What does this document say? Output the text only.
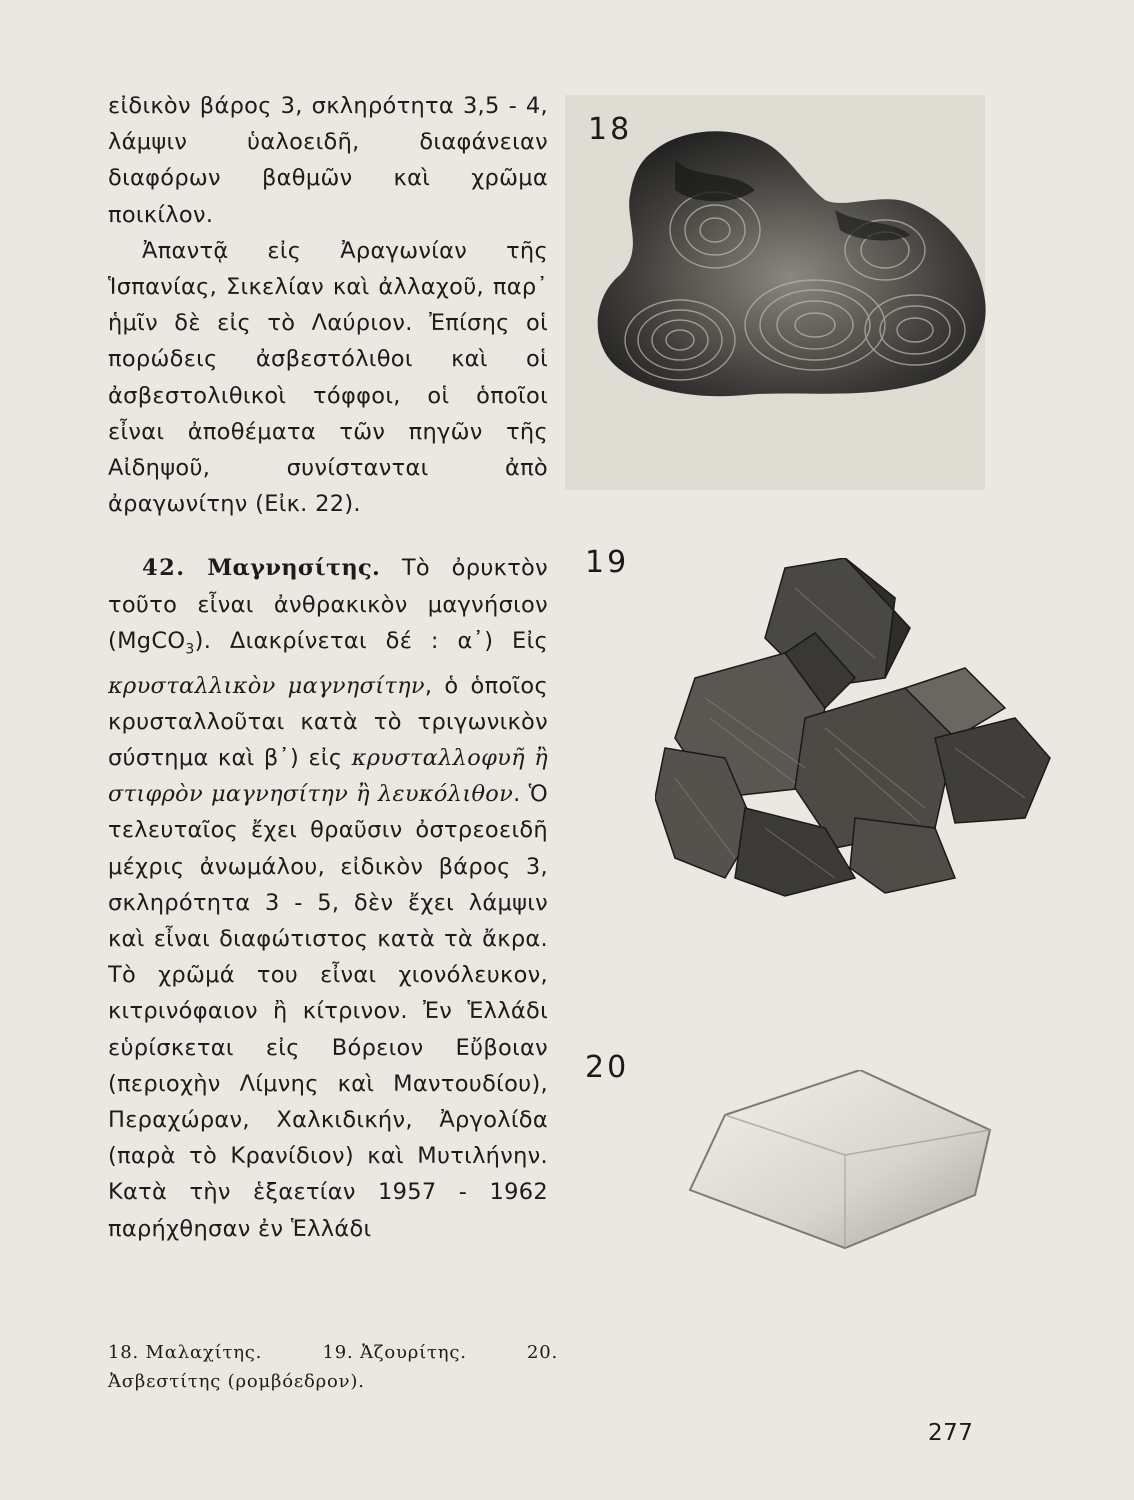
εἰδικὸν βάρος 3, σκληρότητα 3,5 - 4, λάμψιν ὑαλοειδῆ, διαφάνειαν διαφόρων βαθμῶν καὶ χρῶμα ποικίλον.

Ἀπαντᾷ εἰς Ἀραγωνίαν τῆς Ἱσπανίας, Σικελίαν καὶ ἀλλαχοῦ, παρ᾽ ἡμῖν δὲ εἰς τὸ Λαύριον. Ἐπίσης οἱ πορώδεις ἀσβεστόλιθοι καὶ οἱ ἀσβεστολιθικοὶ τόφφοι, οἱ ὁποῖοι εἶναι ἀποθέματα τῶν πηγῶν τῆς Αἰδηψοῦ, συνίστανται ἀπὸ ἀραγωνίτην (Εἰκ. 22).

42. Μαγνησίτης. Τὸ ὀρυκτὸν τοῦτο εἶναι ἀνθρακικὸν μαγνήσιον (MgCO$_3$). Διακρίνεται δέ : α᾽) Εἰς κρυσταλλικὸν μαγνησίτην, ὁ ὁποῖος κρυσταλλοῦται κατὰ τὸ τριγωνικὸν σύστημα καὶ β᾽) εἰς κρυσταλλοφυῆ ἢ στιφρὸν μαγνησίτην ἢ λευκόλιθον. Ὁ τελευταῖος ἔχει θραῦσιν ὀστρεοειδῆ μέχρις ἀνωμάλου, εἰδικὸν βάρος 3, σκληρότητα 3 - 5, δὲν ἔχει λάμψιν καὶ εἶναι διαφώτιστος κατὰ τὰ ἄκρα. Τὸ χρῶμά του εἶναι χιονόλευκον, κιτρινόφαιον ἢ κίτρινον. Ἐν Ἑλλάδι εὑρίσκεται εἰς Βόρειον Εὔβοιαν (περιοχὴν Λίμνης καὶ Μαντουδίου), Περαχώραν, Χαλκιδικήν, Ἀργολίδα (παρὰ τὸ Κρανίδιον) καὶ Μυτιλήνην. Κατὰ τὴν ἑξαετίαν 1957 - 1962 παρήχθησαν ἐν Ἑλλάδι

18
19
20
18. Μαλαχίτης.	19. Ἀζουρίτης.	20.
Ἀσβεστίτης (ρομβόεδρον).
277
